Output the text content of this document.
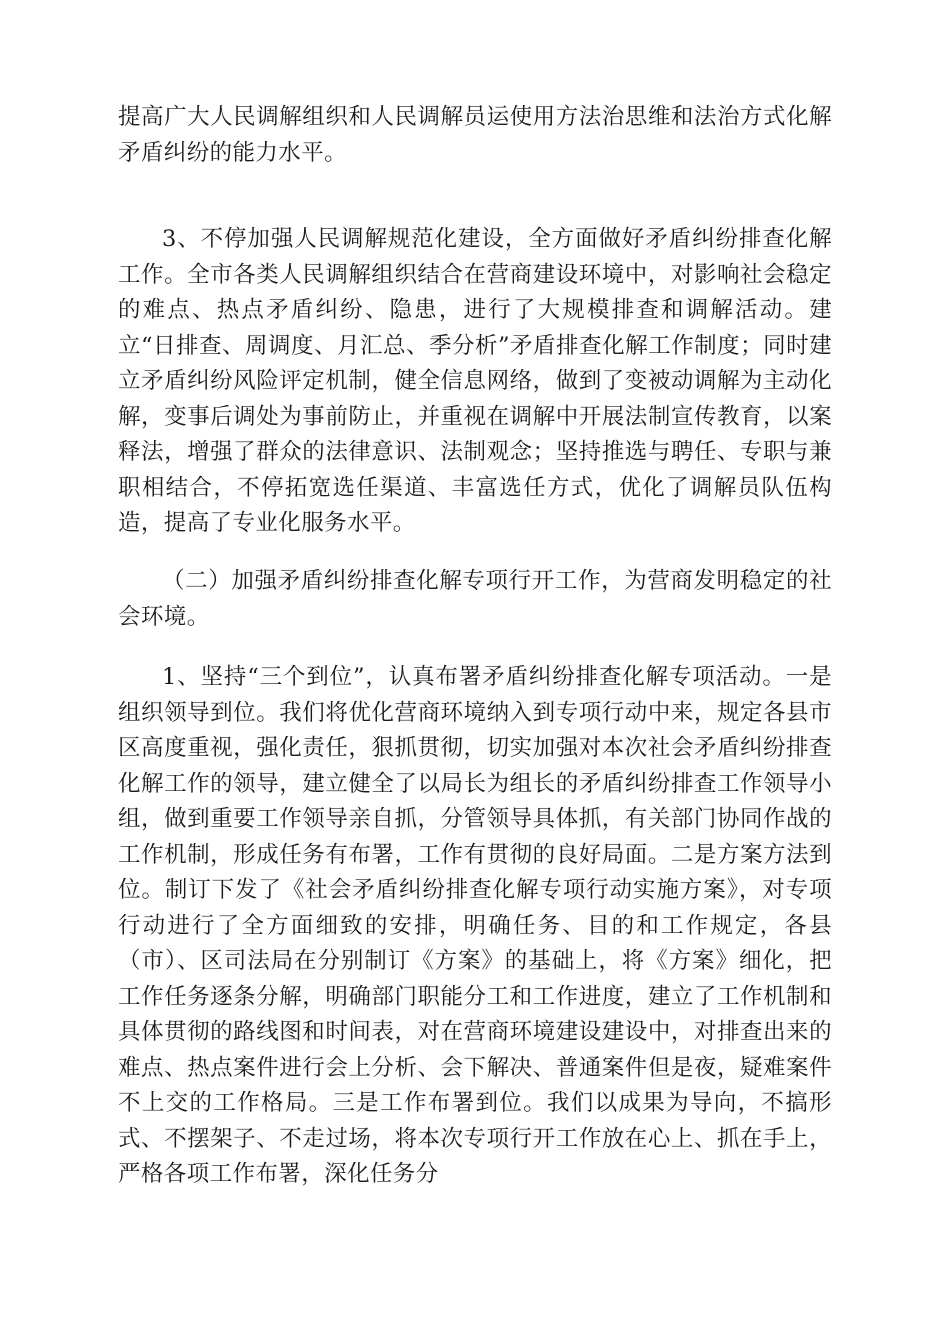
提高广大人民调解组织和人民调解员运使用方法治思维和法治方式化解矛盾纠纷的能力水平。

3、不停加强人民调解规范化建设，全方面做好矛盾纠纷排查化解工作。全市各类人民调解组织结合在营商建设环境中，对影响社会稳定的难点、热点矛盾纠纷、隐患，进行了大规模排查和调解活动。建立“日排查、周调度、月汇总、季分析”矛盾排查化解工作制度；同时建立矛盾纠纷风险评定机制，健全信息网络，做到了变被动调解为主动化解，变事后调处为事前防止，并重视在调解中开展法制宣传教育，以案释法，增强了群众的法律意识、法制观念；坚持推选与聘任、专职与兼职相结合，不停拓宽选任渠道、丰富选任方式，优化了调解员队伍构造，提高了专业化服务水平。

（二）加强矛盾纠纷排查化解专项行开工作，为营商发明稳定的社会环境。

1、坚持“三个到位”，认真布署矛盾纠纷排查化解专项活动。一是组织领导到位。我们将优化营商环境纳入到专项行动中来，规定各县市区高度重视，强化责任，狠抓贯彻，切实加强对本次社会矛盾纠纷排查化解工作的领导，建立健全了以局长为组长的矛盾纠纷排查工作领导小组，做到重要工作领导亲自抓，分管领导具体抓，有关部门协同作战的工作机制，形成任务有布署，工作有贯彻的良好局面。二是方案方法到位。制订下发了《社会矛盾纠纷排查化解专项行动实施方案》，对专项行动进行了全方面细致的安排，明确任务、目的和工作规定，各县（市）、区司法局在分别制订《方案》的基础上，将《方案》细化，把工作任务逐条分解，明确部门职能分工和工作进度，建立了工作机制和具体贯彻的路线图和时间表，对在营商环境建设建设中，对排查出来的难点、热点案件进行会上分析、会下解决、普通案件但是夜，疑难案件不上交的工作格局。三是工作布署到位。我们以成果为导向，不搞形式、不摆架子、不走过场，将本次专项行开工作放在心上、抓在手上，严格各项工作布署，深化任务分
